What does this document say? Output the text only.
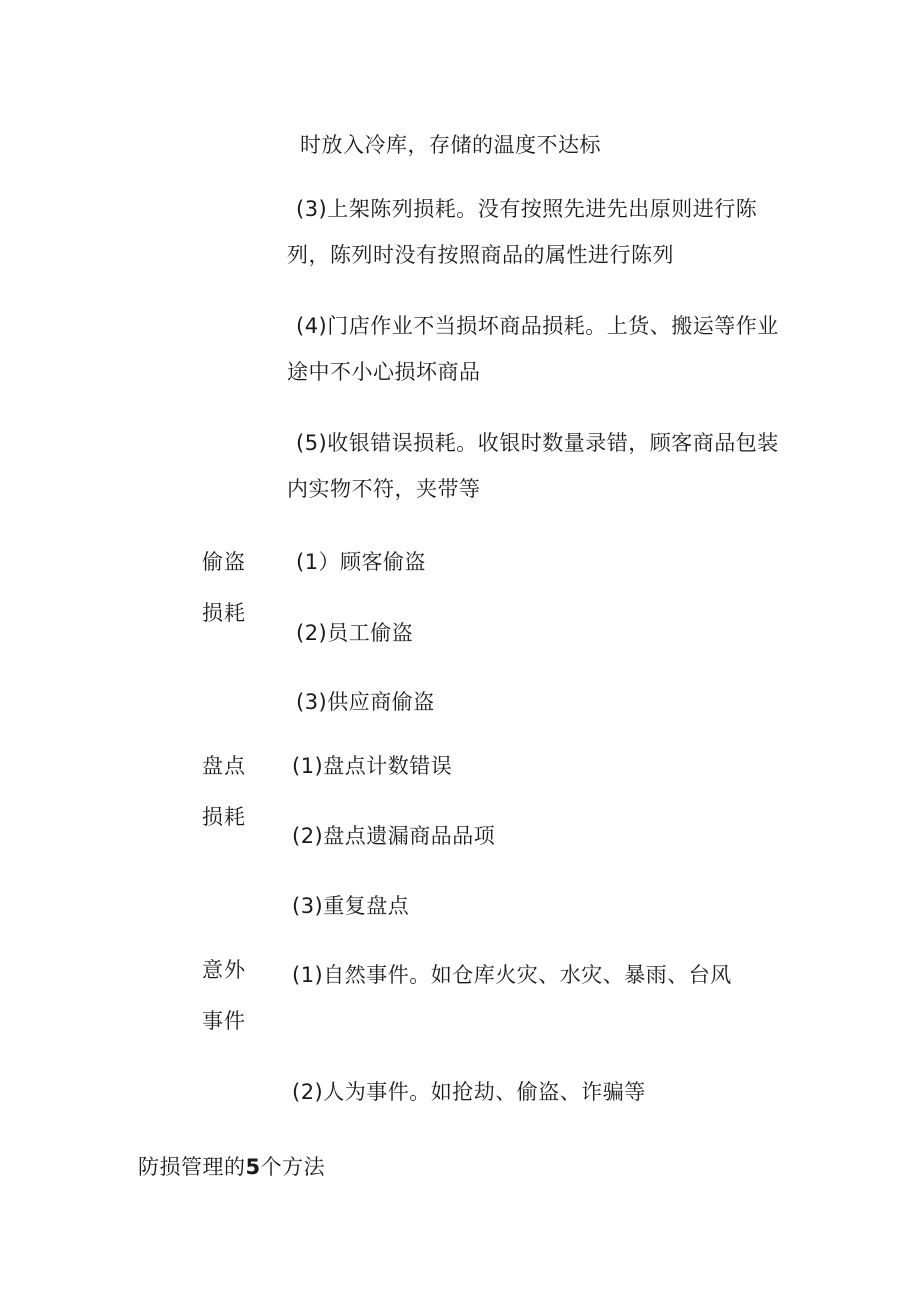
时放入冷库，存储的温度不达标
(3)上架陈列损耗。没有按照先进先出原则进行陈
列，陈列时没有按照商品的属性进行陈列
(4)门店作业不当损坏商品损耗。上货、搬运等作业
途中不小心损坏商品
(5)收银错误损耗。收银时数量录错，顾客商品包装
内实物不符，夹带等
偷盗
损耗
(1）顾客偷盗
(2)员工偷盗
(3)供应商偷盗
盘点
损耗
(1)盘点计数错误
(2)盘点遗漏商品品项
(3)重复盘点
意外
事件
(1)自然事件。如仓库火灾、水灾、暴雨、台风
(2)人为事件。如抢劫、偷盗、诈骗等
防损管理的5个方法
